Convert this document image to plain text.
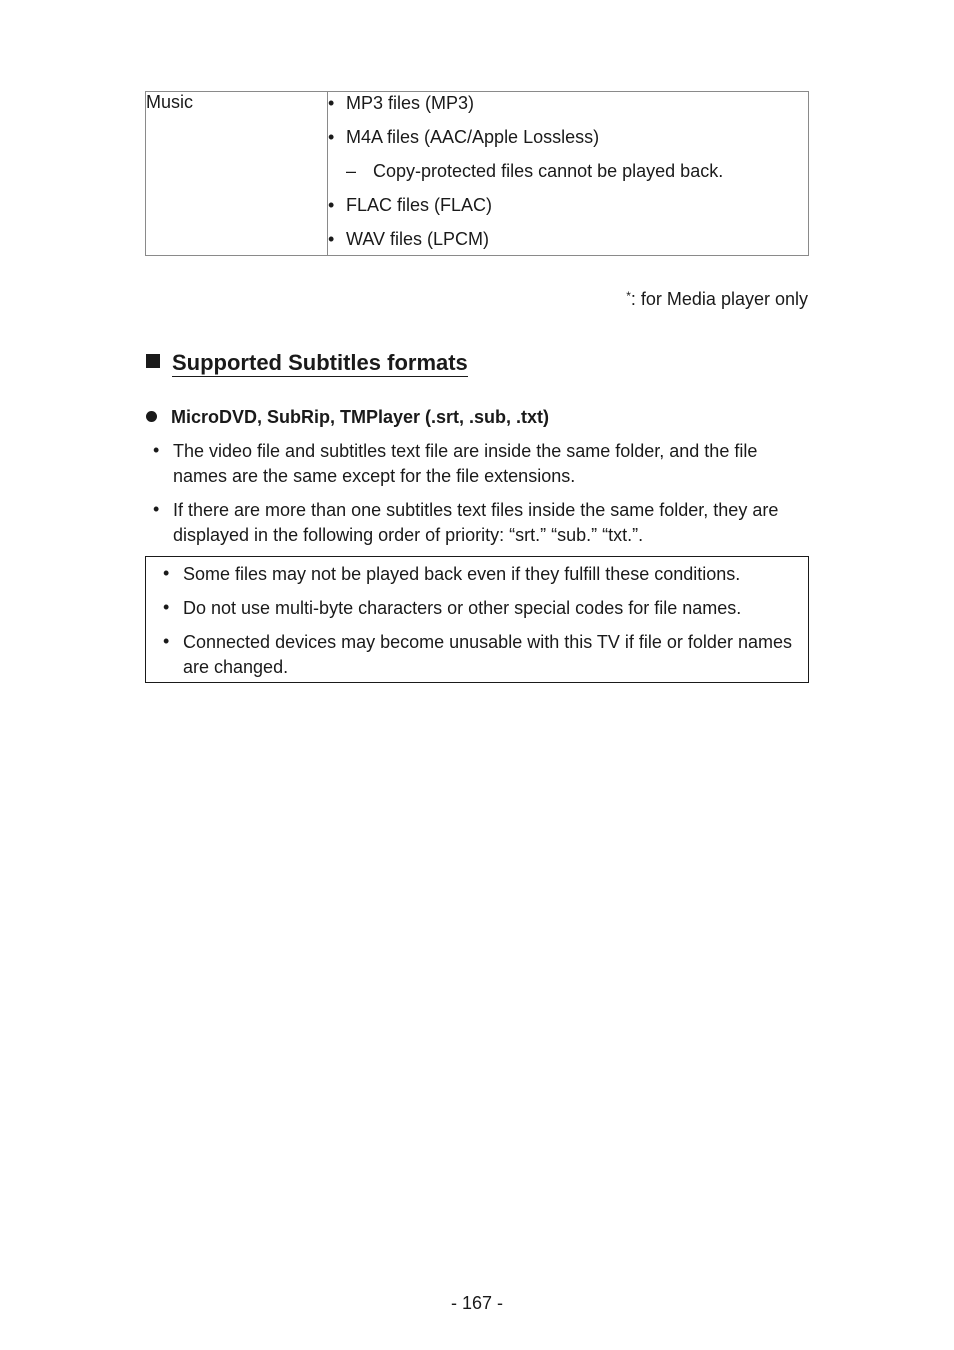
Music	• MP3 files (MP3)
• M4A files (AAC/Apple Lossless)
– Copy-protected files cannot be played back.
• FLAC files (FLAC)
• WAV files (LPCM)
*: for Media player only
Supported Subtitles formats
MicroDVD, SubRip, TMPlayer (.srt, .sub, .txt)
• The video file and subtitles text file are inside the same folder, and the file names are the same except for the file extensions.
• If there are more than one subtitles text files inside the same folder, they are displayed in the following order of priority: “srt.” “sub.” “txt.”.
• Some files may not be played back even if they fulfill these conditions.
• Do not use multi-byte characters or other special codes for file names.
• Connected devices may become unusable with this TV if file or folder names are changed.
- 167 -
